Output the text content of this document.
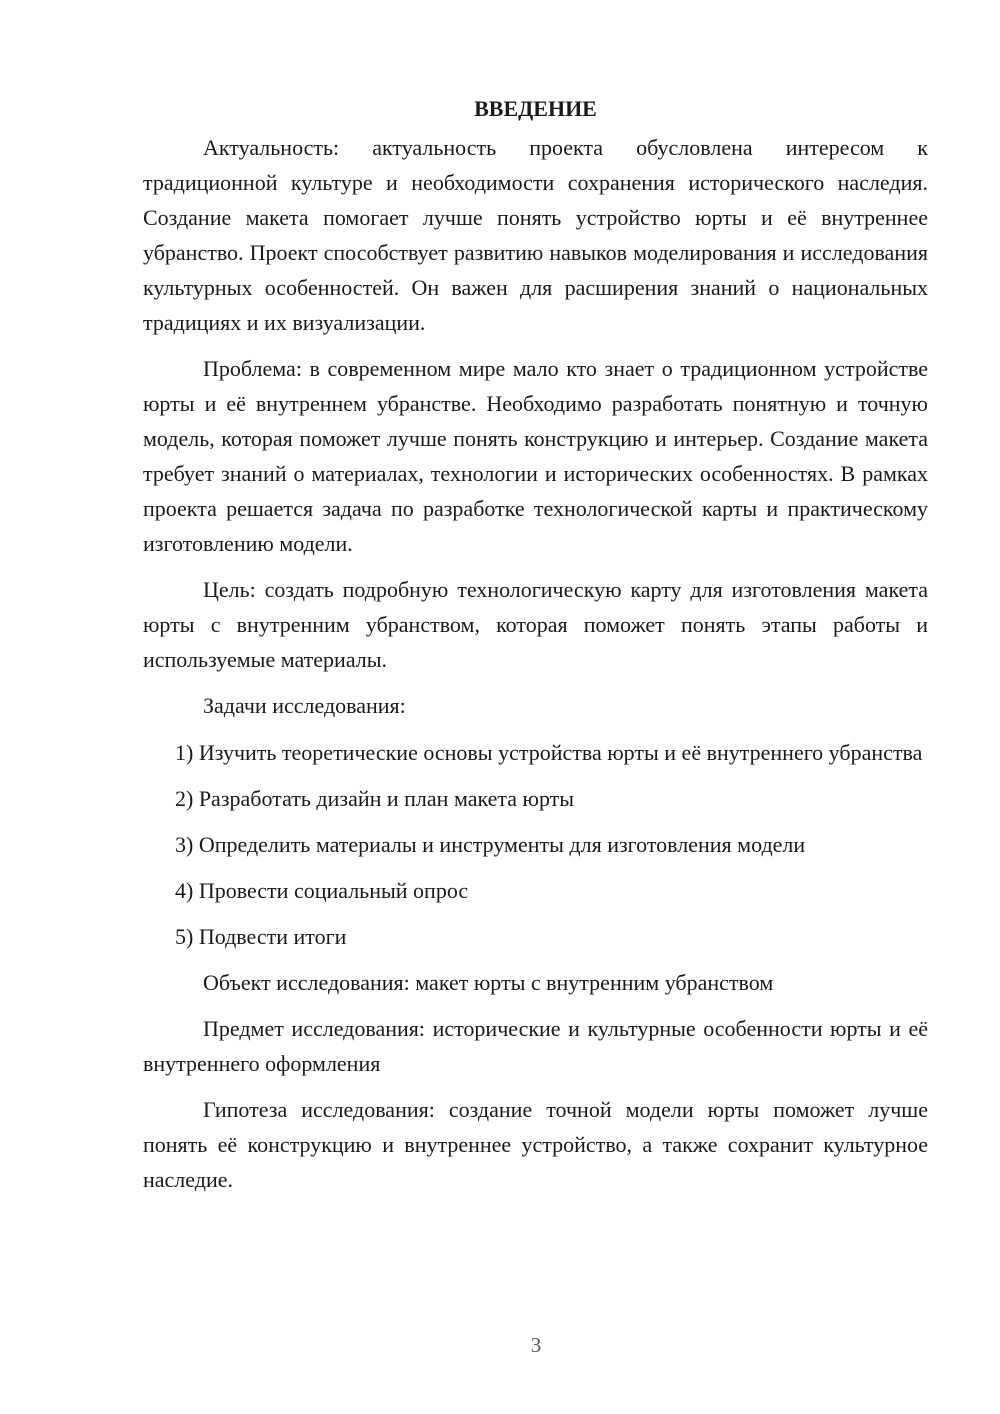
ВВЕДЕНИЕ

Актуальность: актуальность проекта обусловлена интересом к традиционной культуре и необходимости сохранения исторического наследия. Создание макета помогает лучше понять устройство юрты и её внутреннее убранство. Проект способствует развитию навыков моделирования и исследования культурных особенностей. Он важен для расширения знаний о национальных традициях и их визуализации.

Проблема: в современном мире мало кто знает о традиционном устройстве юрты и её внутреннем убранстве. Необходимо разработать понятную и точную модель, которая поможет лучше понять конструкцию и интерьер. Создание макета требует знаний о материалах, технологии и исторических особенностях. В рамках проекта решается задача по разработке технологической карты и практическому изготовлению модели.

Цель: создать подробную технологическую карту для изготовления макета юрты с внутренним убранством, которая поможет понять этапы работы и используемые материалы.

Задачи исследования:

1) Изучить теоретические основы устройства юрты и её внутреннего убранства

2) Разработать дизайн и план макета юрты

3) Определить материалы и инструменты для изготовления модели

4) Провести социальный опрос

5) Подвести итоги

Объект исследования: макет юрты с внутренним убранством

Предмет исследования: исторические и культурные особенности юрты и её внутреннего оформления

Гипотеза исследования: создание точной модели юрты поможет лучше понять её конструкцию и внутреннее устройство, а также сохранит культурное наследие.

3
